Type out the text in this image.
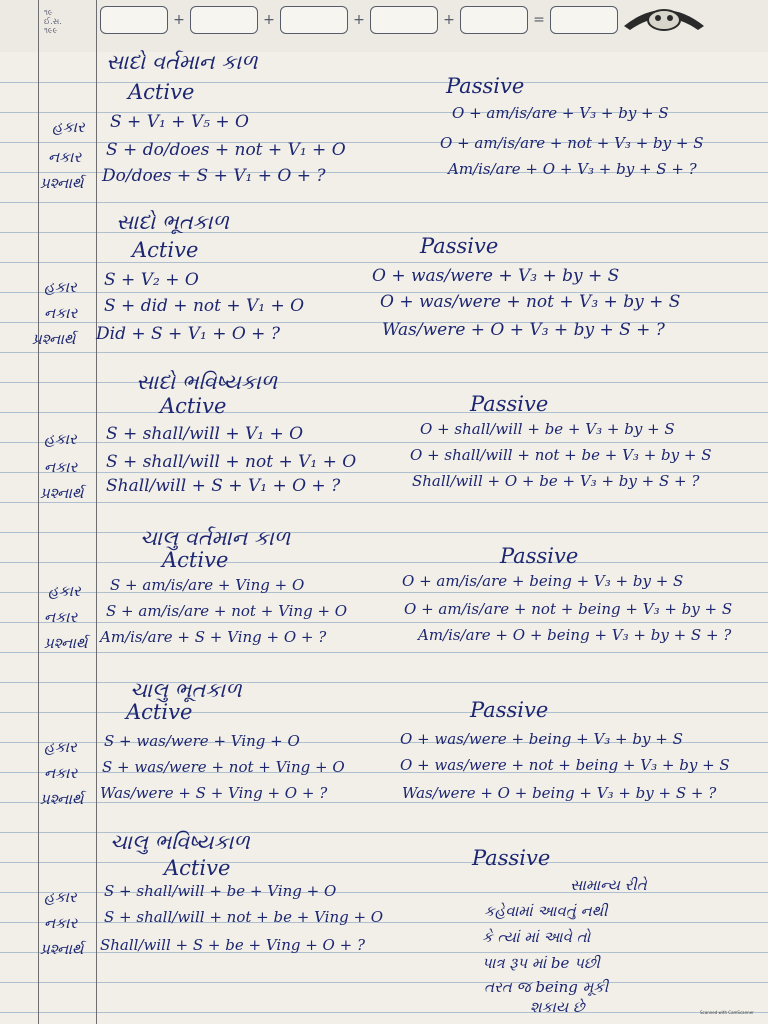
૧૯
ઈ.સ.
૧૯૯
+	+	+	+	=
સાદો વર્તમાન કાળ
Active	Passive
હકાર S + V₁ + V₅ + O	O + am/is/are + V₃ + by + S
નકાર S + do/does + not + V₁ + O	O + am/is/are + not + V₃ + by + S
પ્રશ્નાર્થ Do/does + S + V₁ + O + ?	Am/is/are + O + V₃ + by + S + ?
સાદો ભૂતકાળ
Active	Passive
હકાર S + V₂ + O	O + was/were + V₃ + by + S
નકાર S + did + not + V₁ + O	O + was/were + not + V₃ + by + S
પ્રશ્નાર્થ Did + S + V₁ + O + ?	Was/were + O + V₃ + by + S + ?
સાદો ભવિષ્યકાળ
Active	Passive
હકાર S + shall/will + V₁ + O	O + shall/will + be + V₃ + by + S
નકાર S + shall/will + not + V₁ + O	O + shall/will + not + be + V₃ + by + S
પ્રશ્નાર્થ Shall/will + S + V₁ + O + ?	Shall/will + O + be + V₃ + by + S + ?
ચાલુ વર્તમાન કાળ
Active	Passive
હકાર S + am/is/are + Ving + O	O + am/is/are + being + V₃ + by + S
નકાર S + am/is/are + not + Ving + O	O + am/is/are + not + being + V₃ + by + S
પ્રશ્નાર્થ Am/is/are + S + Ving + O + ?	Am/is/are + O + being + V₃ + by + S + ?
ચાલુ ભૂતકાળ
Active	Passive
હકાર S + was/were + Ving + O	O + was/were + being + V₃ + by + S
નકાર S + was/were + not + Ving + O	O + was/were + not + being + V₃ + by + S
પ્રશ્નાર્થ Was/were + S + Ving + O + ?	Was/were + O + being + V₃ + by + S + ?
ચાલુ ભવિષ્યકાળ
Active	Passive
હકાર S + shall/will + be + Ving + O
નકાર S + shall/will + not + be + Ving + O
પ્રશ્નાર્થ Shall/will + S + be + Ving + O + ?
સામાન્ય રીતે
કહેવામાં આવતું નથી
કે ત્યાં માં આવે તો
પાત્ર રૂપ માં be પછી
તરત જ being મૂકી
શકાય છે	Scanned with CamScanner
